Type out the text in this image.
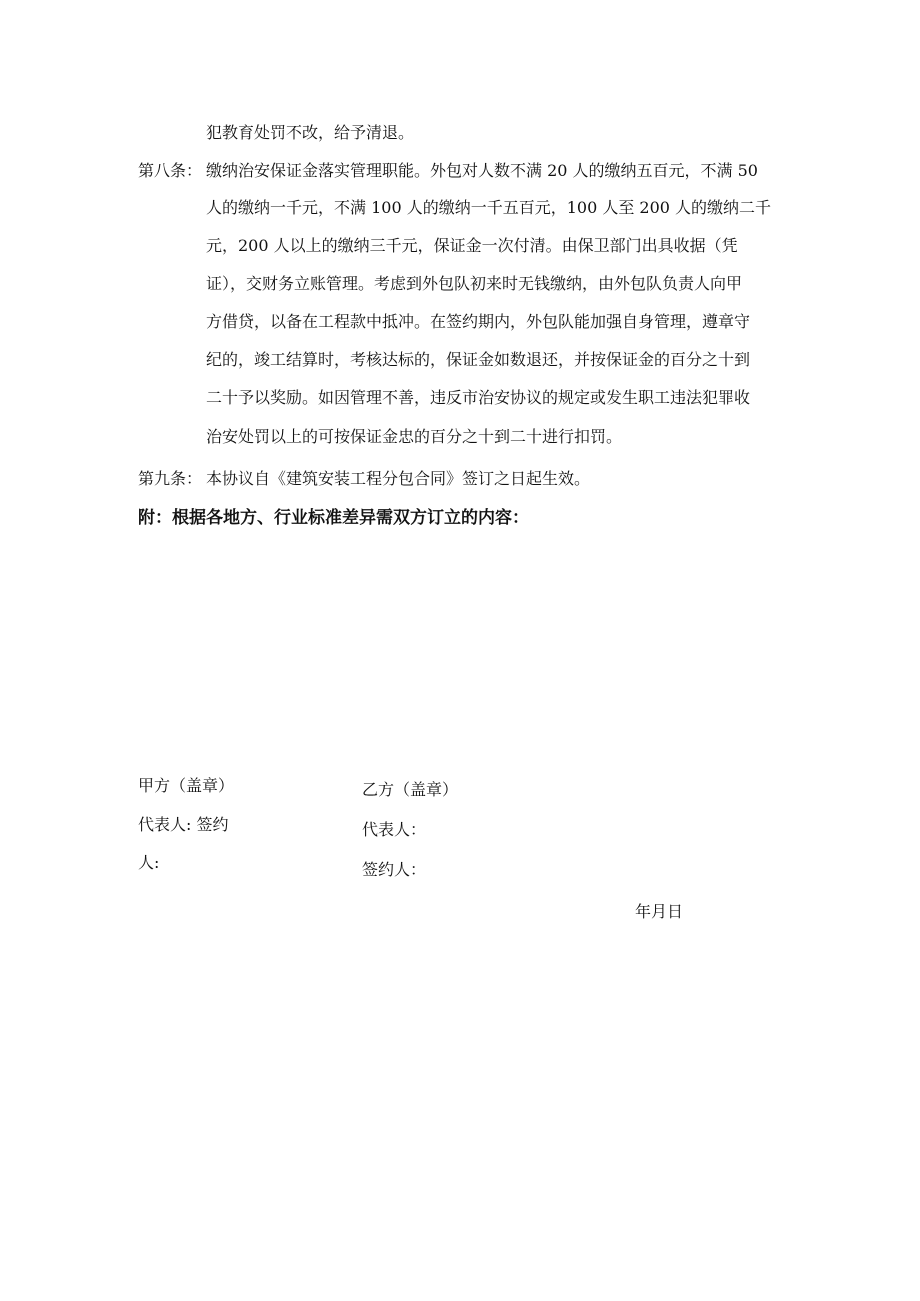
犯教育处罚不改，给予清退。
第八条： 缴纳治安保证金落实管理职能。外包对人数不满 20 人的缴纳五百元，不满 50
人的缴纳一千元，不满 100 人的缴纳一千五百元，100 人至 200 人的缴纳二千
元，200 人以上的缴纳三千元，保证金一次付清。由保卫部门出具收据（凭
证），交财务立账管理。考虑到外包队初来时无钱缴纳，由外包队负责人向甲
方借贷，以备在工程款中抵冲。在签约期内，外包队能加强自身管理，遵章守
纪的，竣工结算时，考核达标的，保证金如数退还，并按保证金的百分之十到
二十予以奖励。如因管理不善，违反市治安协议的规定或发生职工违法犯罪收
治安处罚以上的可按保证金忠的百分之十到二十进行扣罚。
第九条： 本协议自《建筑安装工程分包合同》签订之日起生效。
附：根据各地方、行业标准差异需双方订立的内容：
甲方（盖章）
代表人: 签约
人:
乙方（盖章）
代表人：
签约人：
年月日
